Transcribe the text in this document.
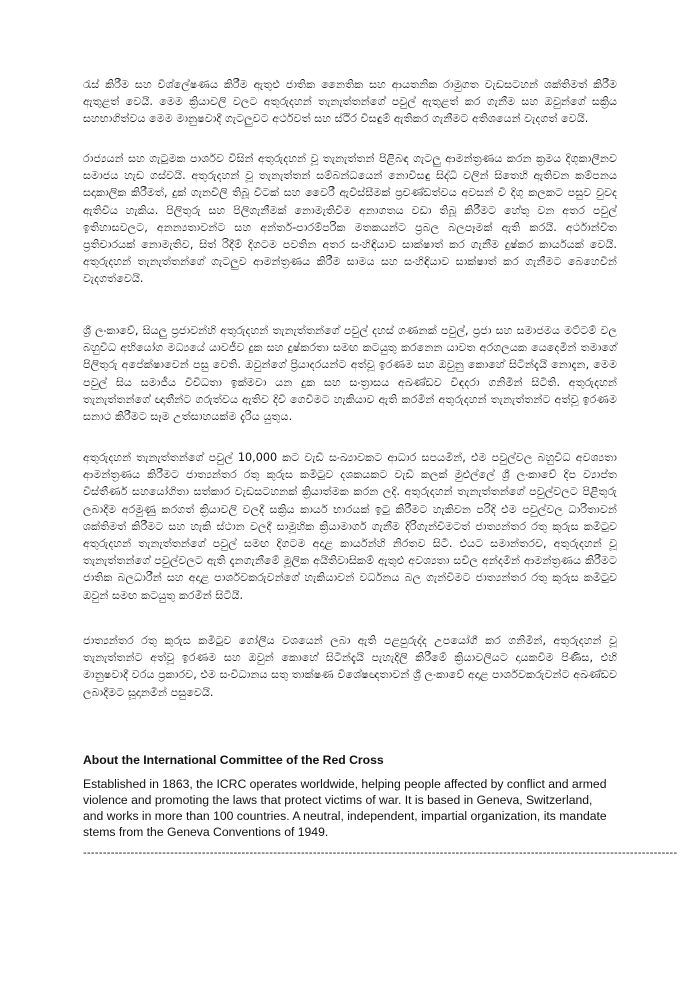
රැස් කිරීම සහ විශ්ලේෂණය කිරීම ඇතුළු ජාතික නෛතික සහ ආයතනික රාමුගත වැඩසටහන් ශක්තිමත් කිරීම ඇතුළත් වෙයි. මෙම ක්‍රියාවලි වලට අතුරුදහන් තැනැත්තන්ගේ පවුල් ඇතුළත් කර ගැනීම සහ ඔවුන්ගේ සක්‍රිය සහභාගිත්වය මෙම මානුෂවාදී ගැටලුවට අර්ථවත් සහ ස්ථිර විසඳුම් ඇතිකර ගැනීමට අතිශයෙන් වැදගත් වෙයි.

රාජ්‍යයන් සහ ගැටුමක පාර්ශව විසින් අතුරුදහන් වූ තැනැත්තන් පිළිබඳ ගැටලු ආමන්ත්‍රණය කරන ක්‍රමය දිගුකාලීනව සමාජය හැඩ ගස්වයි. අතුරුදහන් වූ තැනැත්තන් සම්බන්ධයෙන් නොවිසඳු සිද්ධි වලින් සිතෙහි ඇතිවන කම්පනය සදාකාලික කිරීමත්, දුක් ගැනවිලි තිබූ විටක් සහ වෛරී ඇවිස්සීමක් ප්‍රචණ්ඩත්වය අවසන් වී දිගු කලකට පසුව වුවද ඇතිවිය හැකිය. පිලිතුරු සහ පිලිගැනීමක් නොමැතිවීම අනාගතය වඩා තිබූ කිරීමට හේතු වන අතර පවුල් ඉතිහාසවලට, අනන්‍යතාවන්ට සහ අන්තර්-පාරම්පරික මතකයන්ට ප්‍රබල බලපෑමක් ඇති කරයි. අර්ථාන්විත ප්‍රතිචාරයක් නොමැතිව, සිත් රිදීම් දිගටම පවතින අතර සංහිඳියාව සාක්ෂාත් කර ගැනීම දුෂ්කර කාර්යයක් වෙයි. අතුරුදහන් තැනැත්තන්ගේ ගැටලුව ආමන්ත්‍රණය කිරීම සාමය සහ සංහිඳියාව සාක්ෂාත් කර ගැනීමට බෙහෙවින් වැදගත්වෙයි.

ශ්‍රී ලංකාවේ, සියලු ප්‍රජාවන්හි අතුරුදහන් තැනැත්තන්ගේ පවුල් දහස් ගණනක් පවුල්, ප්‍රජා සහ සමාජමය මට්ටම් වල බහුවිධ අභියෝග මධ්‍යයේ යාවජීව දුක සහ දුෂ්කරතා සමඟ කටයුතු කරනෙන යාවත අරගලයක යෙදෙමින් තමාගේ පිලිතුරු අපේක්ෂාවෙන් පසු වෙති. ඔවුන්ගේ ප්‍රියාදරයන්ට අත්වූ ඉරණම සහ ඔවුනු කොහේ සිටින්දැයි නොදැන, මෙම පවුල් සිය සමාජීය විවිධතා ඉක්මවා යන දුක සහ සංත්‍රාසය අඛණ්ඩව විඳදරා ගනිමින් සිටිති. අතුරුදහන් තැනැත්තන්ගේ ඥාතීන්ට ගරුත්වය ඇතිව දිවි ගෙවීමට හැකියාව ඇති කරමින් අතුරුදහන් තැනැත්තන්ට අත්වූ ඉරණම සනාථ කිරීමට සෑම උත්සාහයක්ම දැරිය යුතුය.

අතුරුදහන් තැනැත්තන්ගේ පවුල් 10,000 කට වැඩි සංඛ්‍යාවකට ආධාර සපයමින්, එම පවුල්වල බහුවිධ අවශ්‍යතා ආමන්ත්‍රණය කිරීමට ජාත්‍යන්තර රතු කුරුස කමිටුව දශකයකට වැඩි කලක් මුළුල්ලේ ශ්‍රී ලංකාවේ දිප ව්‍යාප්ත විස්තීර්ණ සහයෝගිතා සත්කාර වැඩසටහනක් ක්‍රියාත්මක කරන ලදි. අතුරුදහන් තැනැත්තන්ගේ පවුල්වලට පිළිතුරු ලබාදීම අරමුණු කරගත් ක්‍රියාවලි වලදී සක්‍රිය කාර්ය භාරයක් ඉටු කිරීමට හැකිවන පරිදි එම පවුල්වල ධාරිතාවන් ශක්තිමත් කිරීමට සහ හැකි ස්ථාන වලදී සාමූහික ක්‍රියාමාර්ග ගැනීම දිරිගැන්වීමටත් ජාත්‍යන්තර රතු කුරුස කමිටුව අතුරුදහන් තැනැත්තන්ගේ පවුල් සමඟ දිගටම අදාළ කාර්යන්හි නිරතව සිටී. එයට සමාන්තරව, අතුරුදහන් වූ තැනැත්තන්ගේ පවුල්වලට ඇති දැනගැනීමේ මූලික අයිතිවාසිකම් ඇතුළු අවශ්‍යතා සවිල අන්දමින් ආමන්ත්‍රණය කිරීමට ජාතික බලධාරීන් සහ අදාළ පාර්ශවකරුවන්ගේ හැකියාවන් වර්ධනය බල ගැන්වීමට ජාත්‍යන්තර රතු කුරුස කමිටුව ඔවුන් සමඟ කටයුතු කරමින් සිටියි.

ජාත්‍යන්තර රතු කුරුස කමිටුව ගෝලීය වශයෙන් ලබා ඇති පළපුරුද්ද උපයෝගී කර ගනිමින්, අතුරුදහන් වූ තැනැත්තන්ට අත්වූ ඉරණම සහ ඔවුන් කොහේ සිටින්දැයි පැහැදිලි කිරීමේ ක්‍රියාවලියට දායකවීම පිණිස, එහි මානුෂවාදී වරය ප්‍රකාරව, එම සංවිධානය සතු තාක්ෂණ විශේෂඥතාවන් ශ්‍රී ලංකාවේ අදාළ පාර්ශවකරුවන්ට අඛණ්ඩව ලබාදීමට සූදානමින් පසුවෙයි.

About the International Committee of the Red Cross

Established in 1863, the ICRC operates worldwide, helping people affected by conflict and armed violence and promoting the laws that protect victims of war. It is based in Geneva, Switzerland, and works in more than 100 countries. A neutral, independent, impartial organization, its mandate stems from the Geneva Conventions of 1949.

------------------------------------------------------------------------------------------------------------------------------------------------------
